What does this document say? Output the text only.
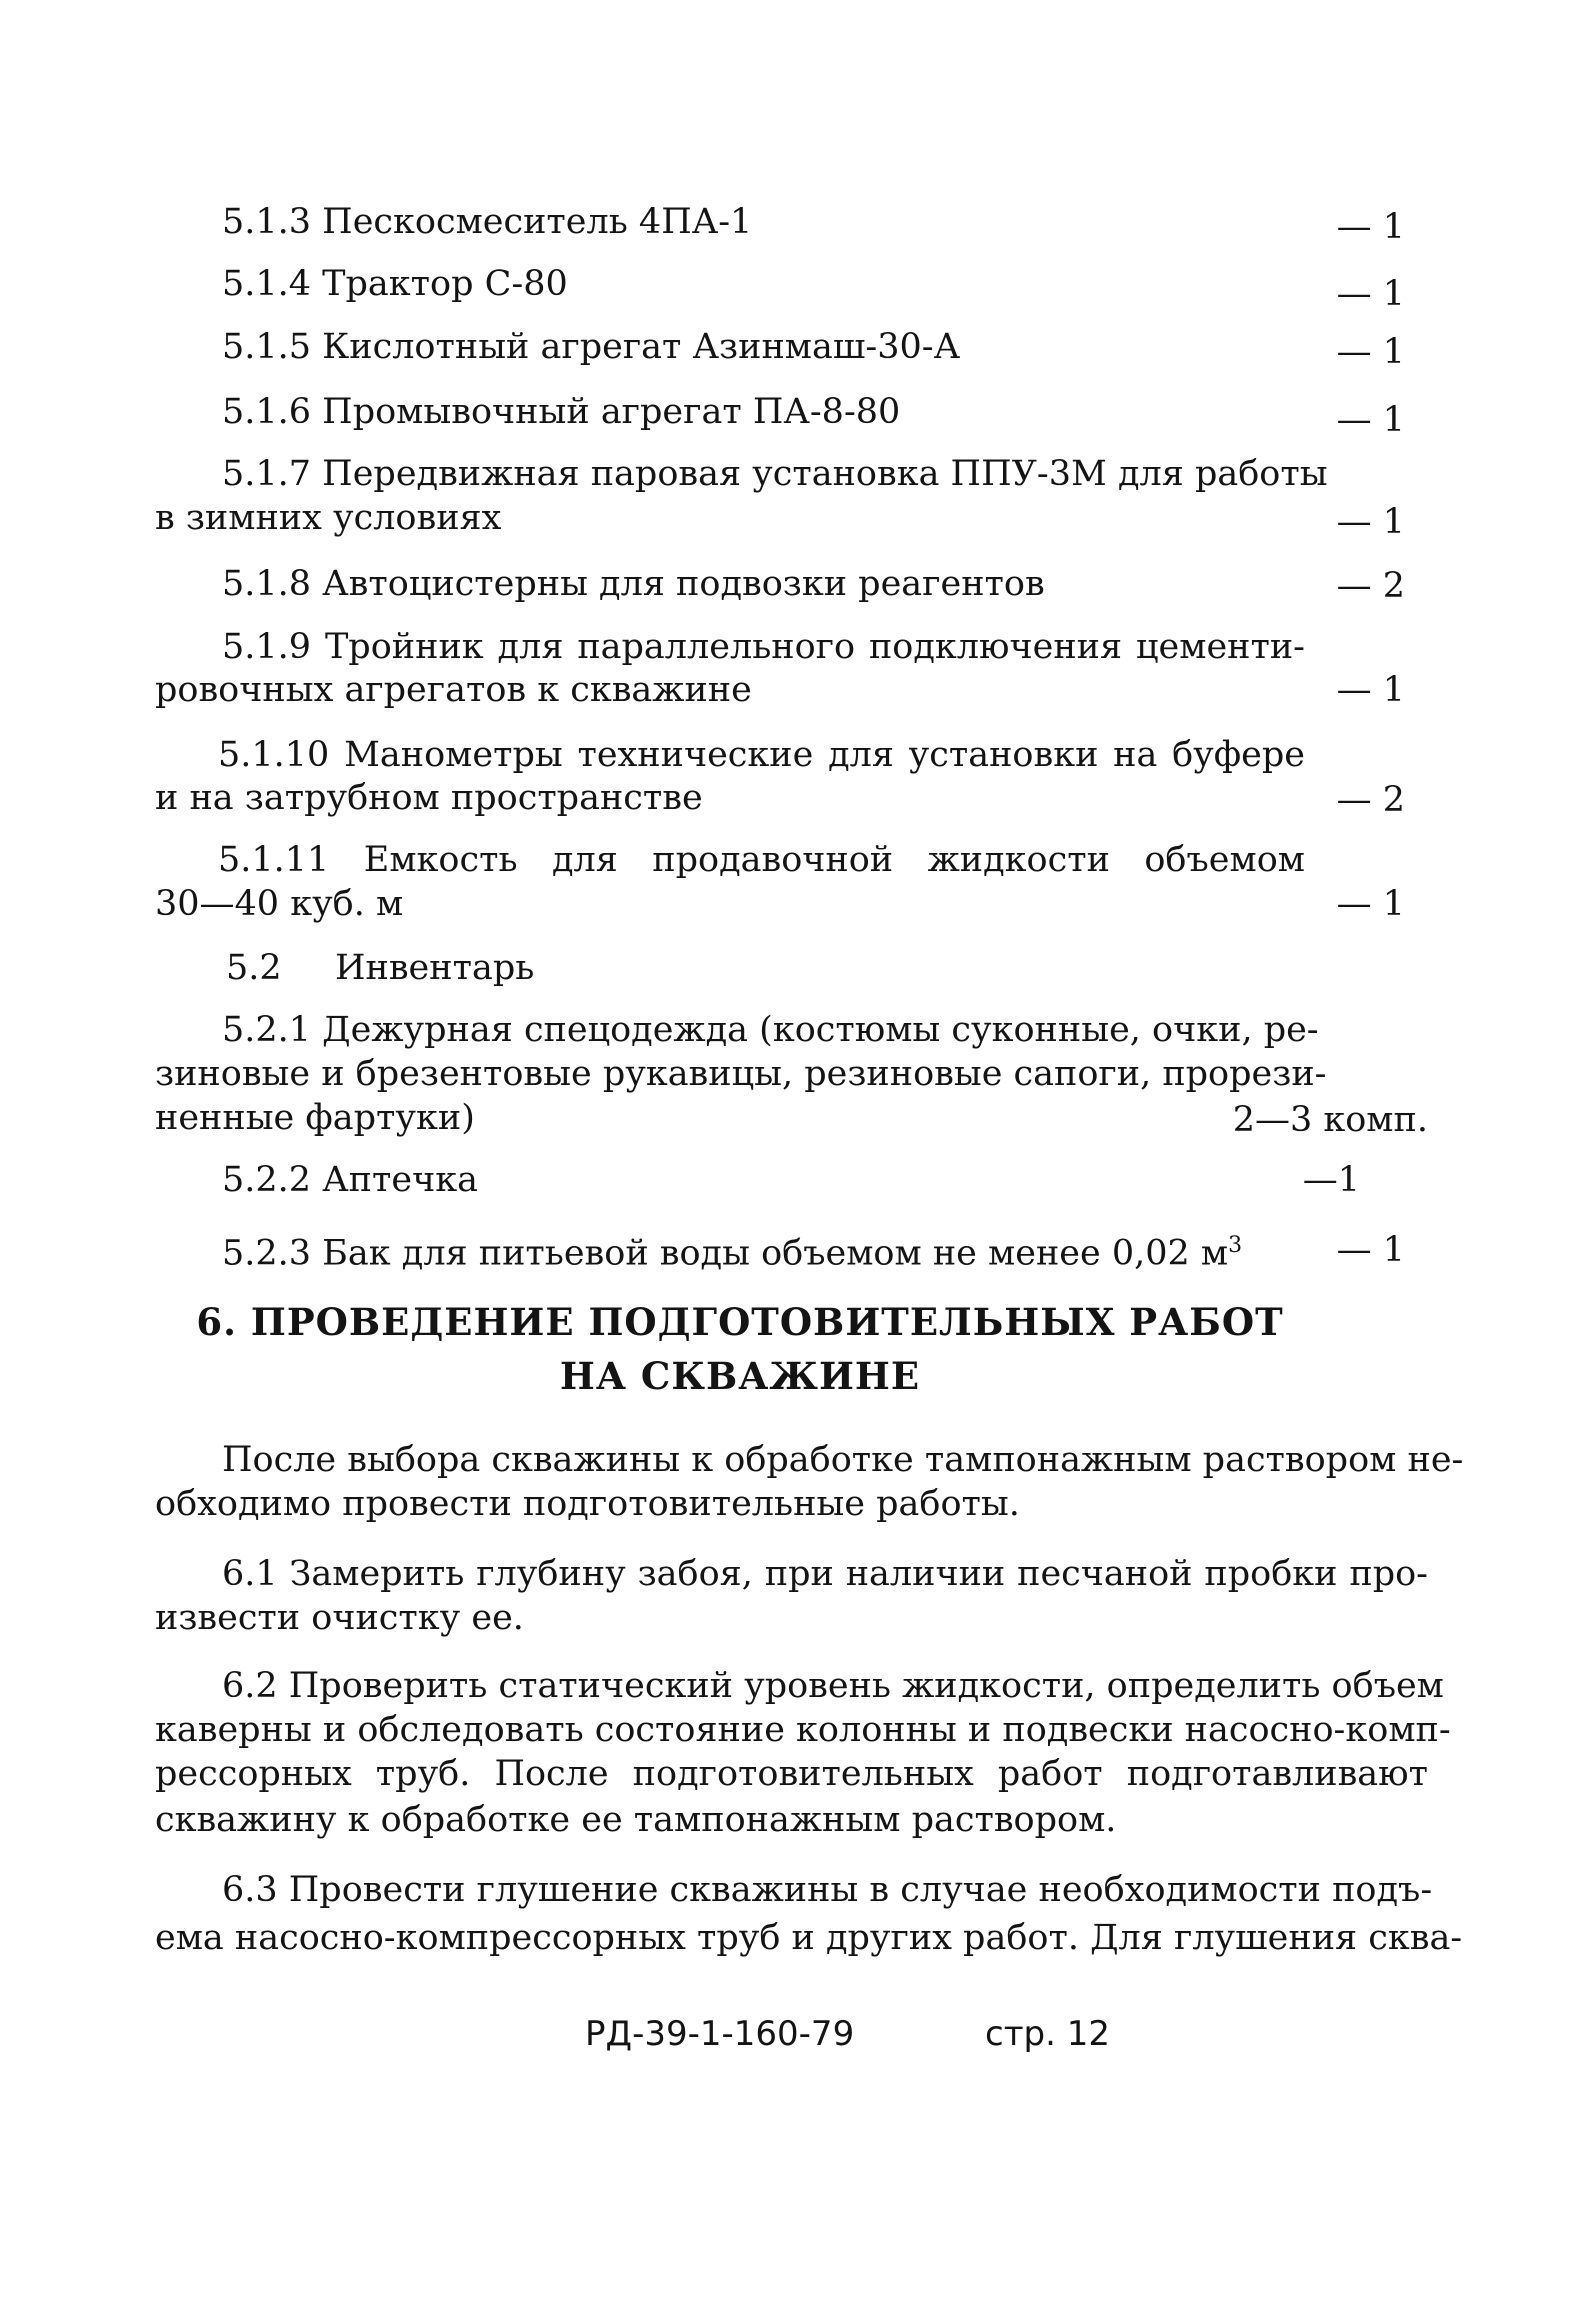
5.1.3 Пескосмеситель 4ПА-1	— 1
5.1.4 Трактор С-80	— 1
5.1.5 Кислотный агрегат Азинмаш-30-А	— 1
5.1.6 Промывочный агрегат ПА-8-80	— 1
5.1.7 Передвижная паровая установка ППУ-3М для работы
в зимних условиях	— 1
5.1.8 Автоцистерны для подвозки реагентов	— 2
5.1.9 Тройник для параллельного подключения цементи-
ровочных агрегатов к скважине	— 1
5.1.10 Манометры технические для установки на буфере
и на затрубном пространстве	— 2
5.1.11 Емкость для продавочной жидкости объемом
30—40 куб. м	— 1
5.2 Инвентарь
5.2.1 Дежурная спецодежда (костюмы суконные, очки, ре-
зиновые и брезентовые рукавицы, резиновые сапоги, прорези-
ненные фартуки)	2—3 комп.
5.2.2 Аптечка	—1
5.2.3 Бак для питьевой воды объемом не менее 0,02 $м^3$	— 1
6. ПРОВЕДЕНИЕ ПОДГОТОВИТЕЛЬНЫХ РАБОТ
НА СКВАЖИНЕ
После выбора скважины к обработке тампонажным раствором не-
обходимо провести подготовительные работы.
6.1 Замерить глубину забоя, при наличии песчаной пробки про-
извести очистку ее.
6.2 Проверить статический уровень жидкости, определить объем
каверны и обследовать состояние колонны и подвески насосно-комп-
рессорных труб. После подготовительных работ подготавливают
скважину к обработке ее тампонажным раствором.
6.3 Провести глушение скважины в случае необходимости подъ-
ема насосно-компрессорных труб и других работ. Для глушения сква-
РД-39-1-160-79	стр. 12
